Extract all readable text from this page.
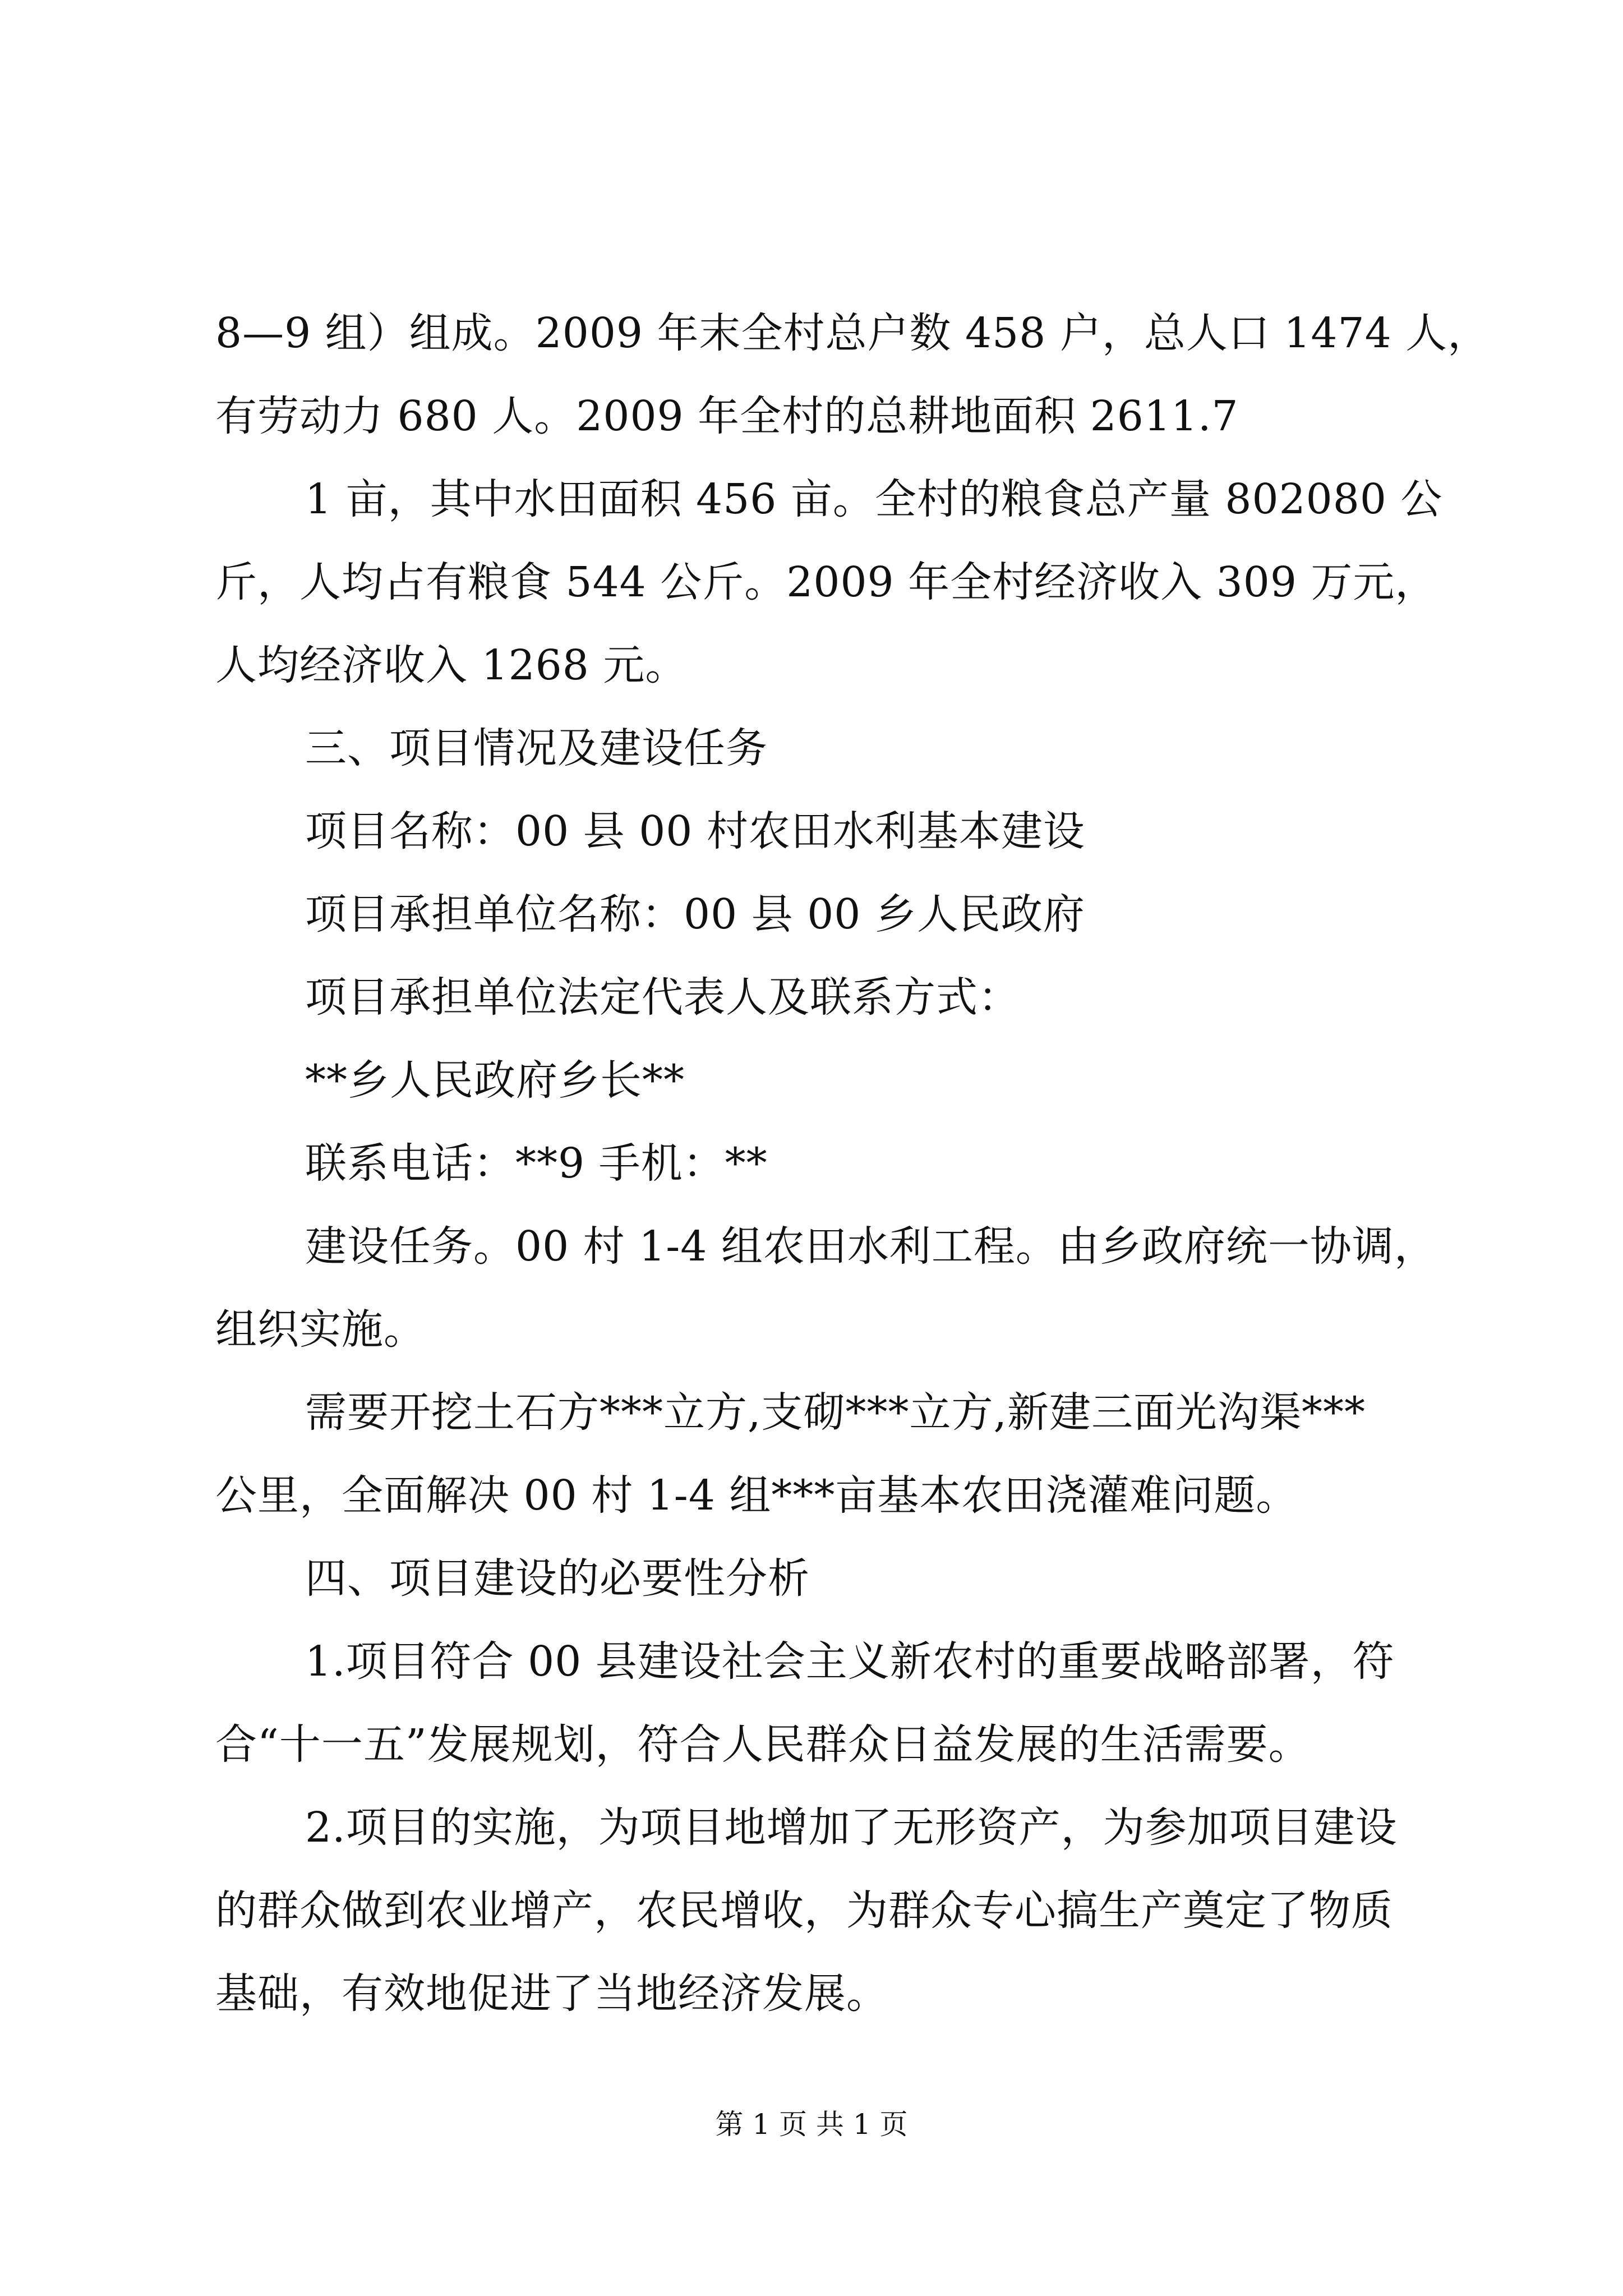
8—9 组）组成。2009 年末全村总户数 458 户，总人口 1474 人，
有劳动力 680 人。2009 年全村的总耕地面积 2611.7
1 亩，其中水田面积 456 亩。全村的粮食总产量 802080 公
斤，人均占有粮食 544 公斤。2009 年全村经济收入 309 万元，
人均经济收入 1268 元。
三、项目情况及建设任务
项目名称：00 县 00 村农田水利基本建设
项目承担单位名称：00 县 00 乡人民政府
项目承担单位法定代表人及联系方式：
**乡人民政府乡长**
联系电话：**9 手机：**
建设任务。00 村 1-4 组农田水利工程。由乡政府统一协调，
组织实施。
需要开挖土石方***立方,支砌***立方,新建三面光沟渠***
公里，全面解决 00 村 1-4 组***亩基本农田浇灌难问题。
四、项目建设的必要性分析
1.项目符合 00 县建设社会主义新农村的重要战略部署，符
合“十一五”发展规划，符合人民群众日益发展的生活需要。
2.项目的实施，为项目地增加了无形资产，为参加项目建设
的群众做到农业增产，农民增收，为群众专心搞生产奠定了物质
基础，有效地促进了当地经济发展。
第 1 页 共 1 页
